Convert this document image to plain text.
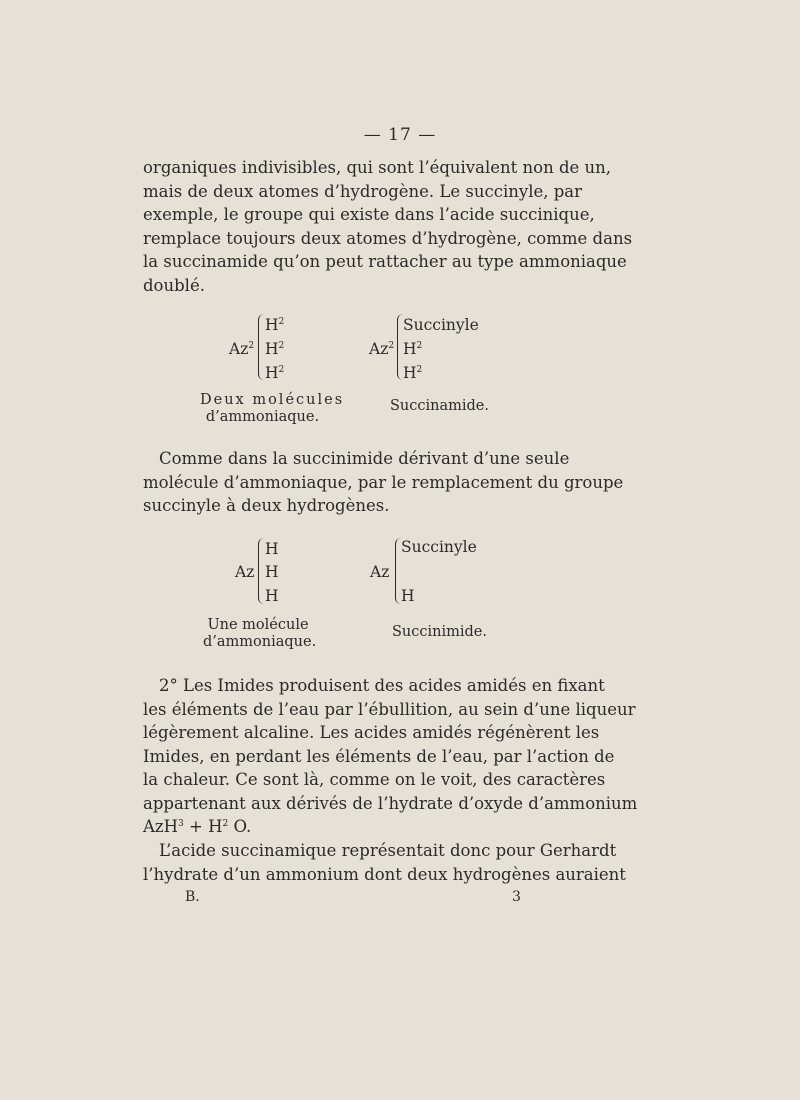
— 17 —
organiques indivisibles, qui sont l’équivalent non de un,
mais de deux atomes d’hydrogène. Le succinyle, par
exemple, le groupe qui existe dans l’acide succinique,
remplace toujours deux atomes d’hydrogène, comme dans
la succinamide qu’on peut rattacher au type ammoniaque
doublé.
Az$^2$
$H^2$
$H^2$
$H^2$
Deux molécules
d’ammoniaque.
Az$^2$
Succinyle
$H^2$
$H^2$
Succinamide.
Comme dans la succinimide dérivant d’une seule
molécule d’ammoniaque, par le remplacement du groupe
succinyle à deux hydrogènes.
Az
H
H
H
Une molécule
d’ammoniaque.
Az
Succinyle
H
Succinimide.
2° Les Imides produisent des acides amidés en fixant
les éléments de l’eau par l’ébullition, au sein d’une liqueur
légèrement alcaline. Les acides amidés régénèrent les
Imides, en perdant les éléments de l’eau, par l’action de
la chaleur. Ce sont là, comme on le voit, des caractères
appartenant aux dérivés de l’hydrate d’oxyde d’ammonium
$AzH^3 + H^2$ O.
L’acide succinamique représentait donc pour Gerhardt
l’hydrate d’un ammonium dont deux hydrogènes auraient
B.	3
